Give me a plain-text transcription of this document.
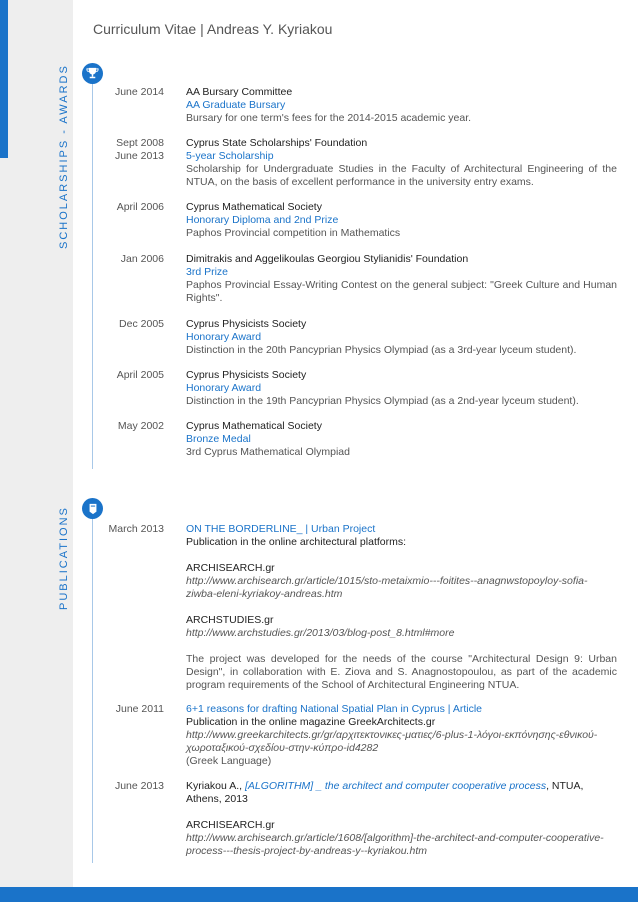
Curriculum Vitae | Andreas Y. Kyriakou
SCHOLARSHIPS - AWARDS	June 2014 AA Bursary Committee
AA Graduate Bursary
Bursary for one term's fees for the 2014-2015 academic year.
Sept 2008
June 2013
Cyprus State Scholarships' Foundation
5-year Scholarship
Scholarship for Undergraduate Studies in the Faculty of Architectural Engineering of the NTUA, on the basis of excellent performance in the university entry exams.
April 2006 Cyprus Mathematical Society
Honorary Diploma and 2nd Prize
Paphos Provincial competition in Mathematics
Jan 2006 Dimitrakis and Aggelikoulas Georgiou Stylianidis' Foundation
3rd Prize
Paphos Provincial Essay-Writing Contest on the general subject: "Greek Culture and Human Rights".
Dec 2005 Cyprus Physicists Society
Honorary Award
Distinction in the 20th Pancyprian Physics Olympiad (as a 3rd-year lyceum student).
April 2005 Cyprus Physicists Society
Honorary Award
Distinction in the 19th Pancyprian Physics Olympiad (as a 2nd-year lyceum student).
May 2002 Cyprus Mathematical Society
Bronze Medal
3rd Cyprus Mathematical Olympiad
PUBLICATIONS	March 2013 ON THE BORDERLINE_ | Urban Project
Publication in the online architectural platforms:
ARCHISEARCH.gr
http://www.archisearch.gr/article/1015/sto-metaixmio---foitites--anagnwstopoyloy-sofia-ziwba-eleni-kyriakoy-andreas.htm
ARCHSTUDIES.gr
http://www.archstudies.gr/2013/03/blog-post_8.html#more
The project was developed for the needs of the course "Architectural Design 9: Urban Design", in collaboration with E. Ziova and S. Anagnostopoulou, as part of the academic program requirements of the School of Architectural Engineering NTUA.
June 2011 6+1 reasons for drafting National Spatial Plan in Cyprus | Article
Publication in the online magazine GreekArchitects.gr
http://www.greekarchitects.gr/gr/αρχιτεκτονικες-ματιες/6-plus-1-λόγοι-εκπόνησης-εθνικού-χωροταξικού-σχεδίου-στην-κύπρο-id4282
(Greek Language)
June 2013 Kyriakou A., [ALGORITHM] _ the architect and computer cooperative process, NTUA, Athens, 2013
ARCHISEARCH.gr
http://www.archisearch.gr/article/1608/[algorithm]-the-architect-and-computer-cooperative-process---thesis-project-by-andreas-y--kyriakou.htm
